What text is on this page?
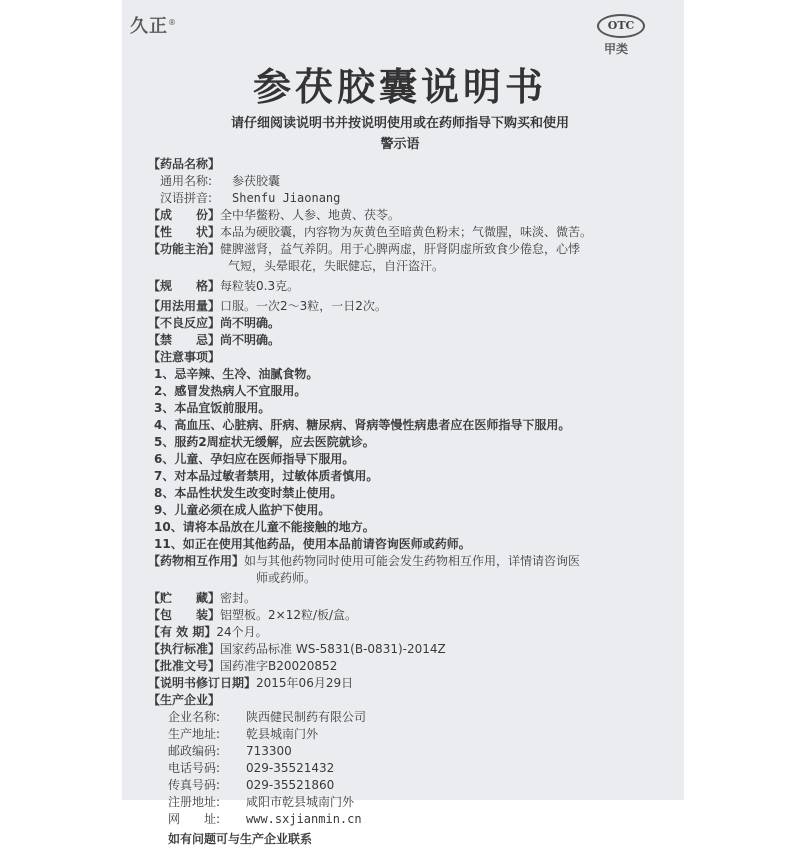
久正®	OTC
甲类
参茯胶囊说明书
请仔细阅读说明书并按说明使用或在药师指导下购买和使用
警示语
【药品名称】
通用名称:	参茯胶囊
汉语拼音:	Shenfu Jiaonang
【成　　份】 全中华鳖粉、人参、地黄、茯苓。
【性　　状】 本品为硬胶囊，内容物为灰黄色至暗黄色粉末；气微腥，味淡、微苦。
【功能主治】 健脾滋肾，益气养阴。用于心脾两虚，肝肾阴虚所致食少倦怠，心悸
气短，头晕眼花，失眠健忘，自汗盗汗。
【规　　格】 每粒装0.3克。
【用法用量】 口服。一次2～3粒，一日2次。
【不良反应】 尚不明确。
【禁　　忌】 尚不明确。
【注意事项】
1、忌辛辣、生冷、油腻食物。
2、感冒发热病人不宜服用。
3、本品宜饭前服用。
4、高血压、心脏病、肝病、糖尿病、肾病等慢性病患者应在医师指导下服用。
5、服药2周症状无缓解，应去医院就诊。
6、儿童、孕妇应在医师指导下服用。
7、对本品过敏者禁用，过敏体质者慎用。
8、本品性状发生改变时禁止使用。
9、儿童必须在成人监护下使用。
10、请将本品放在儿童不能接触的地方。
11、如正在使用其他药品，使用本品前请咨询医师或药师。
【药物相互作用】 如与其他药物同时使用可能会发生药物相互作用，详情请咨询医
师或药师。
【贮　　藏】 密封。
【包　　装】 铝塑板。2×12粒/板/盒。
【有 效 期】 24个月。
【执行标准】 国家药品标准 WS-5831(B-0831)-2014Z
【批准文号】 国药准字B20020852
【说明书修订日期】 2015年06月29日
【生产企业】
企业名称:	陕西健民制药有限公司
生产地址:	乾县城南门外
邮政编码:	713300
电话号码:	029-35521432
传真号码:	029-35521860
注册地址:	咸阳市乾县城南门外
网　　址:	www.sxjianmin.cn
如有问题可与生产企业联系
